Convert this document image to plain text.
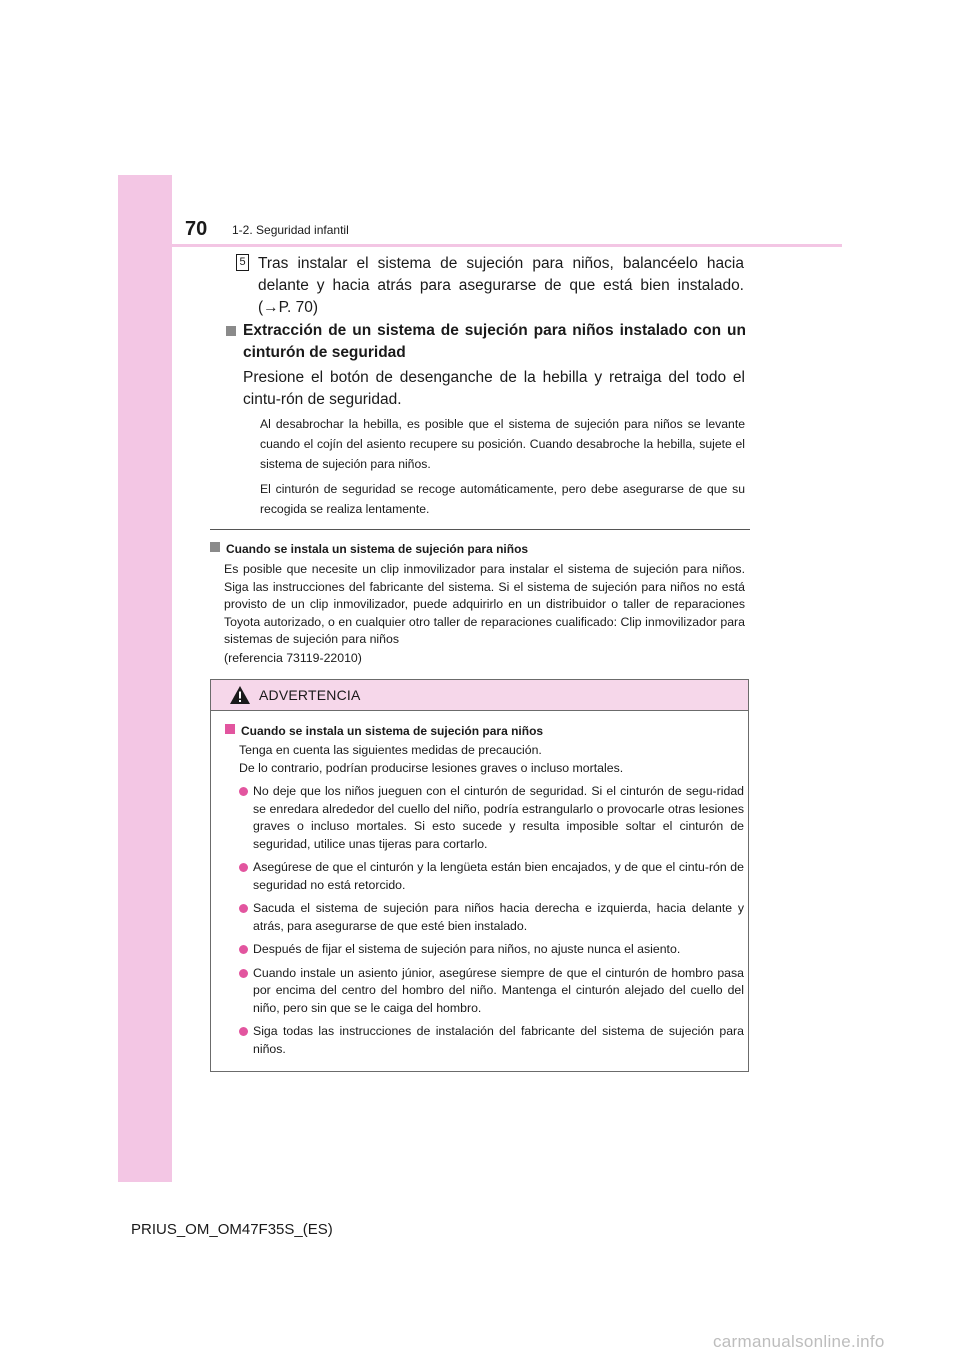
70 1-2. Seguridad infantil
5 Tras instalar el sistema de sujeción para niños, balancéelo hacia delante y hacia atrás para asegurarse de que está bien instalado. (→P. 70)
Extracción de un sistema de sujeción para niños instalado con un cinturón de seguridad
Presione el botón de desenganche de la hebilla y retraiga del todo el cintu-rón de seguridad.
Al desabrochar la hebilla, es posible que el sistema de sujeción para niños se levante cuando el cojín del asiento recupere su posición. Cuando desabroche la hebilla, sujete el sistema de sujeción para niños.
El cinturón de seguridad se recoge automáticamente, pero debe asegurarse de que su recogida se realiza lentamente.
Cuando se instala un sistema de sujeción para niños
Es posible que necesite un clip inmovilizador para instalar el sistema de sujeción para niños. Siga las instrucciones del fabricante del sistema. Si el sistema de sujeción para niños no está provisto de un clip inmovilizador, puede adquirirlo en un distribuidor o taller de reparaciones Toyota autorizado, o en cualquier otro taller de reparaciones cualificado: Clip inmovilizador para sistemas de sujeción para niños
(referencia 73119-22010)
ADVERTENCIA
Cuando se instala un sistema de sujeción para niños
Tenga en cuenta las siguientes medidas de precaución.
De lo contrario, podrían producirse lesiones graves o incluso mortales.
No deje que los niños jueguen con el cinturón de seguridad. Si el cinturón de segu-ridad se enredara alrededor del cuello del niño, podría estrangularlo o provocarle otras lesiones graves o incluso mortales. Si esto sucede y resulta imposible soltar el cinturón de seguridad, utilice unas tijeras para cortarlo.
Asegúrese de que el cinturón y la lengüeta están bien encajados, y de que el cintu-rón de seguridad no está retorcido.
Sacuda el sistema de sujeción para niños hacia derecha e izquierda, hacia delante y atrás, para asegurarse de que esté bien instalado.
Después de fijar el sistema de sujeción para niños, no ajuste nunca el asiento.
Cuando instale un asiento júnior, asegúrese siempre de que el cinturón de hombro pasa por encima del centro del hombro del niño. Mantenga el cinturón alejado del cuello del niño, pero sin que se le caiga del hombro.
Siga todas las instrucciones de instalación del fabricante del sistema de sujeción para niños.
PRIUS_OM_OM47F35S_(ES)
carmanualsonline.info
